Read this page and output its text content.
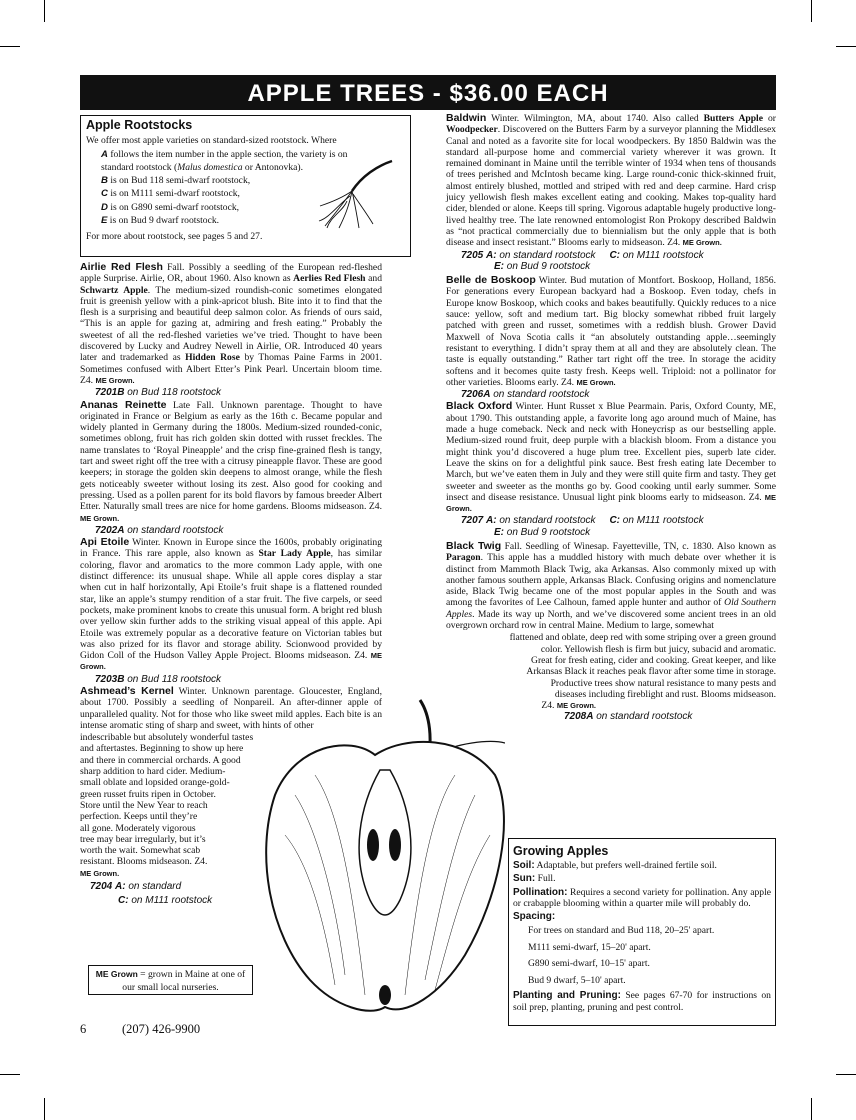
APPLE TREES - $36.00 EACH
Apple Rootstocks

We offer most apple varieties on standard-sized rootstock. Where

A follows the item number in the apple section, the variety is on standard rootstock (Malus domestica or Antonovka).

B is on Bud 118 semi-dwarf rootstock,

C is on M111 semi-dwarf rootstock,

D is on G890 semi-dwarf rootstock,

E is on Bud 9 dwarf rootstock.

For more about rootstock, see pages 5 and 27.

Airlie Red Flesh Fall. Possibly a seedling of the European red-fleshed apple Surprise. Airlie, OR, about 1960. Also known as Aerlies Red Flesh and Schwartz Apple. The medium-sized roundish-conic sometimes elongated fruit is greenish yellow with a pink-apricot blush. Bite into it to find that the flesh is a surprising and beautiful deep salmon color. As friends of ours said, “This is an apple for gazing at, admiring and fresh eating.” Probably the sweetest of all the red-fleshed varieties we’ve tried. Thought to have been discovered by Lucky and Audrey Newell in Airlie, OR. Introduced 40 years later and trademarked as Hidden Rose by Thomas Paine Farms in 2001. Sometimes confused with Albert Etter’s Pink Pearl. Uncertain bloom time. Z4. ME Grown.

7201B on Bud 118 rootstock

Ananas Reinette Late Fall. Unknown parentage. Thought to have originated in France or Belgium as early as the 16th c. Became popular and widely planted in Germany during the 1800s. Medium-sized rounded-conic, sometimes oblong, fruit has rich golden skin dotted with russet freckles. The name translates to ‘Royal Pineapple’ and the crisp fine-grained flesh is tangy, tart and sweet right off the tree with a citrusy pineapple flavor. These are good keepers; in storage the golden skin deepens to almost orange, while the flesh gets noticeably sweeter without losing its zest. Also good for cooking and pressing. Used as a pollen parent for its bold flavors by famous breeder Albert Etter. Naturally small trees are nice for home gardens. Blooms midseason. Z4. ME Grown.

7202A on standard rootstock

Api Etoile Winter. Known in Europe since the 1600s, probably originating in France. This rare apple, also known as Star Lady Apple, has similar coloring, flavor and aromatics to the more common Lady apple, with one distinct difference: its unusual shape. While all apple cores display a star when cut in half horizontally, Api Etoile’s fruit shape is a flattened rounded star, like an apple’s stumpy rendition of a star fruit. The five carpels, or seed pockets, make prominent knobs to create this unusual form. A bright red blush over yellow skin further adds to the striking visual appeal of this apple. Api Etoile was extremely popular as a decorative feature on Victorian tables but was also prized for its flavor and storage ability. Scionwood provided by Gidon Coll of the Hudson Valley Apple Project. Blooms midseason. Z4. ME Grown.

7203B on Bud 118 rootstock

Ashmead’s Kernel Winter. Unknown parentage. Gloucester, England, about 1700. Possibly a seedling of Nonpareil. An after-dinner apple of unparalleled quality. Not for those who like sweet mild apples. Each bite is an intense aromatic sting of sharp and sweet, with hints of other

indescribable but absolutely wonderful tastes
and aftertastes. Beginning to show up here
and there in commercial orchards. A good
sharp addition to hard cider. Medium-
small oblate and lopsided orange-gold-
green russet fruits ripen in October.
Store until the New Year to reach
perfection. Keeps until they’re
all gone. Moderately vigorous
tree may bear irregularly, but it’s
worth the wait. Somewhat scab
resistant. Blooms midseason. Z4.
ME Grown.
7204 A: on standard
C: on M111 rootstock

Baldwin Winter. Wilmington, MA, about 1740. Also called Butters Apple or Woodpecker. Discovered on the Butters Farm by a surveyor planning the Middlesex Canal and noted as a favorite site for local woodpeckers. By 1850 Baldwin was the standard all-purpose home and commercial variety wherever it was grown. It remained dominant in Maine until the terrible winter of 1934 when tens of thousands of trees perished and McIntosh became king. Large round-conic thick-skinned fruit, almost entirely blushed, mottled and striped with red and deep carmine. Hard crisp juicy yellowish flesh makes excellent eating and cooking. Makes top-quality hard cider, blended or alone. Keeps till spring. Vigorous adaptable hugely productive long-lived healthy tree. The late renowned entomologist Ron Prokopy described Baldwin as “not practical commercially due to biennialism but the only apple that is both disease and insect resistant.” Blooms early to midseason. Z4. ME Grown.

7205 A: on standard rootstock C: on M111 rootstock
E: on Bud 9 rootstock

Belle de Boskoop Winter. Bud mutation of Montfort. Boskoop, Holland, 1856. For generations every European backyard had a Boskoop. Even today, chefs in Europe know Boskoop, which cooks and bakes beautifully. Quickly reduces to a nice sauce: yellow, soft and medium tart. Big blocky somewhat ribbed fruit largely patched with green and russet, sometimes with a reddish blush. Grower David Maxwell of Nova Scotia calls it “an absolutely outstanding apple…seemingly resistant to everything. I didn’t spray them at all and they are absolutely clean. The taste is equally outstanding.” Rather tart right off the tree. In storage the acidity softens and it becomes quite tasty fresh. Keeps well. Triploid: not a pollinator for other varieties. Blooms early. Z4. ME Grown.

7206A on standard rootstock

Black Oxford Winter. Hunt Russet x Blue Pearmain. Paris, Oxford County, ME, about 1790. This outstanding apple, a favorite long ago around much of Maine, has made a huge comeback. Neck and neck with Honeycrisp as our bestselling apple. Medium-sized round fruit, deep purple with a blackish bloom. From a distance you might think you’d discovered a huge plum tree. Excellent pies, superb late cider. Leave the skins on for a delightful pink sauce. Best fresh eating late December to March, but we’ve eaten them in July and they were still quite firm and tasty. They get sweeter and sweeter as the months go by. Good cooking until early summer. Some insect and disease resistance. Unusual light pink blooms early to midseason. Z4. ME Grown.

7207 A: on standard rootstock C: on M111 rootstock
E: on Bud 9 rootstock

Black Twig Fall. Seedling of Winesap. Fayetteville, TN, c. 1830. Also known as Paragon. This apple has a muddled history with much debate over whether it is distinct from Mammoth Black Twig, aka Arkansas. Also commonly mixed up with another famous southern apple, Arkansas Black. Confusing origins and nomenclature aside, Black Twig became one of the most popular apples in the South and was among the favorites of Lee Calhoun, famed apple hunter and author of Old Southern Apples. Made its way up North, and we’ve discovered some ancient trees in an old overgrown orchard row in central Maine. Medium to large, somewhat

flattened and oblate, deep red with some striping over a green ground
color. Yellowish flesh is firm but juicy, subacid and aromatic.
Great for fresh eating, cider and cooking. Great keeper, and like
Arkansas Black it reaches peak flavor after some time in storage.
Productive trees show natural resistance to many pests and
diseases including fireblight and rust. Blooms midseason.
Z4. ME Grown.
7208A on standard rootstock
Growing Apples

Soil: Adaptable, but prefers well-drained fertile soil.

Sun: Full.

Pollination: Requires a second variety for pollination. Any apple or crabapple blooming within a quarter mile will probably do.

Spacing:

For trees on standard and Bud 118, 20–25' apart.

M111 semi-dwarf, 15–20' apart.

G890 semi-dwarf, 10–15' apart.

Bud 9 dwarf, 5–10' apart.

Planting and Pruning: See pages 67-70 for instructions on soil prep, planting, pruning and pest control.

ME Grown = grown in Maine at one of our small local nurseries.
6	(207) 426-9900
